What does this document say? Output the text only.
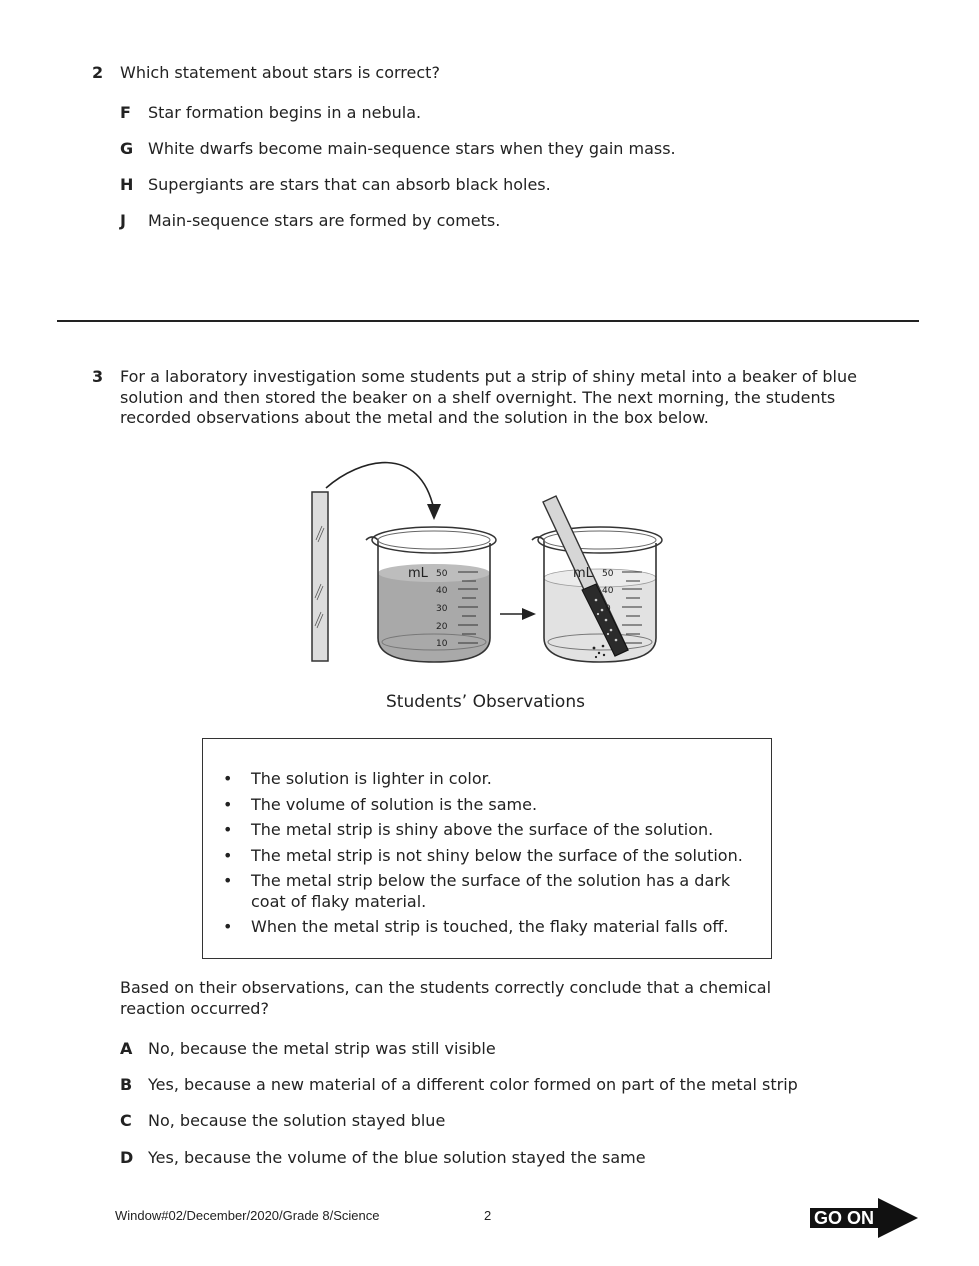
2 Which statement about stars is correct?
F Star formation begins in a nebula.
G White dwarfs become main-sequence stars when they gain mass.
H Supergiants are stars that can absorb black holes.
J Main-sequence stars are formed by comets.
3 For a laboratory investigation some students put a strip of shiny metal into a beaker of blue solution and then stored the beaker on a shelf overnight. The next morning, the students recorded observations about the metal and the solution in the box below.
mL 50
40
30
20
10
mL 50
40
0
Students’ Observations
• The solution is lighter in color.
• The volume of solution is the same.
• The metal strip is shiny above the surface of the solution.
• The metal strip is not shiny below the surface of the solution.
• The metal strip below the surface of the solution has a dark coat of flaky material.
• When the metal strip is touched, the flaky material falls off.
Based on their observations, can the students correctly conclude that a chemical reaction occurred?
A No, because the metal strip was still visible
B Yes, because a new material of a different color formed on part of the metal strip
C No, because the solution stayed blue
D Yes, because the volume of the blue solution stayed the same
Window#02/December/2020/Grade 8/Science	2	GO ON
